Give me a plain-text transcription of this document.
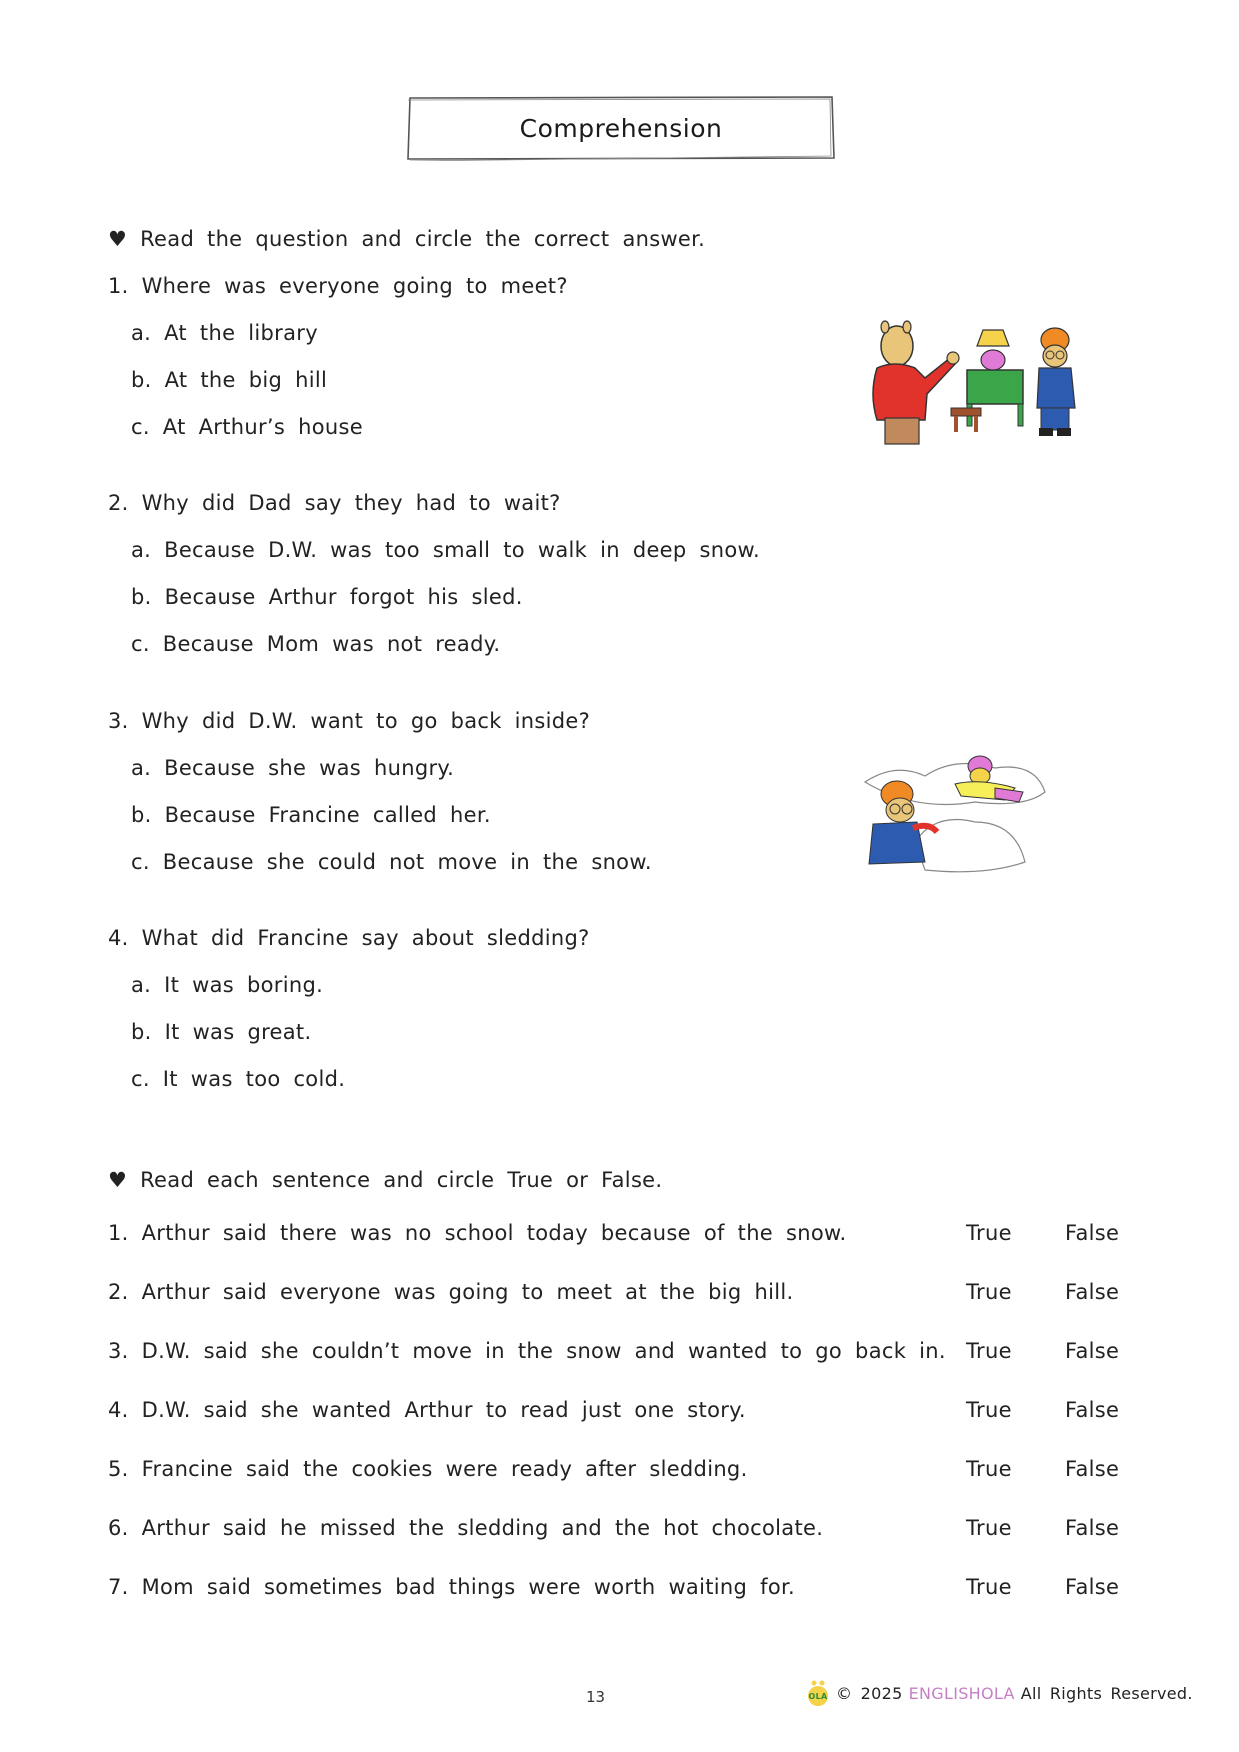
Comprehension
♥ Read the question and circle the correct answer.
1. Where was everyone going to meet?
a. At the library
b. At the big hill
c. At Arthur’s house
2. Why did Dad say they had to wait?
a. Because D.W. was too small to walk in deep snow.
b. Because Arthur forgot his sled.
c. Because Mom was not ready.
3. Why did D.W. want to go back inside?
a. Because she was hungry.
b. Because Francine called her.
c. Because she could not move in the snow.
4. What did Francine say about sledding?
a. It was boring.
b. It was great.
c. It was too cold.
♥ Read each sentence and circle True or False.
1. Arthur said there was no school today because of the snow.	True	False
2. Arthur said everyone was going to meet at the big hill.	True	False
3. D.W. said she couldn’t move in the snow and wanted to go back in. True	False
4. D.W. said she wanted Arthur to read just one story.	True	False
5. Francine said the cookies were ready after sledding.	True	False
6. Arthur said he missed the sledding and the hot chocolate.	True	False
7. Mom said sometimes bad things were worth waiting for.	True	False
13	OLA © 2025 ENGLISHOLA All Rights Reserved.
